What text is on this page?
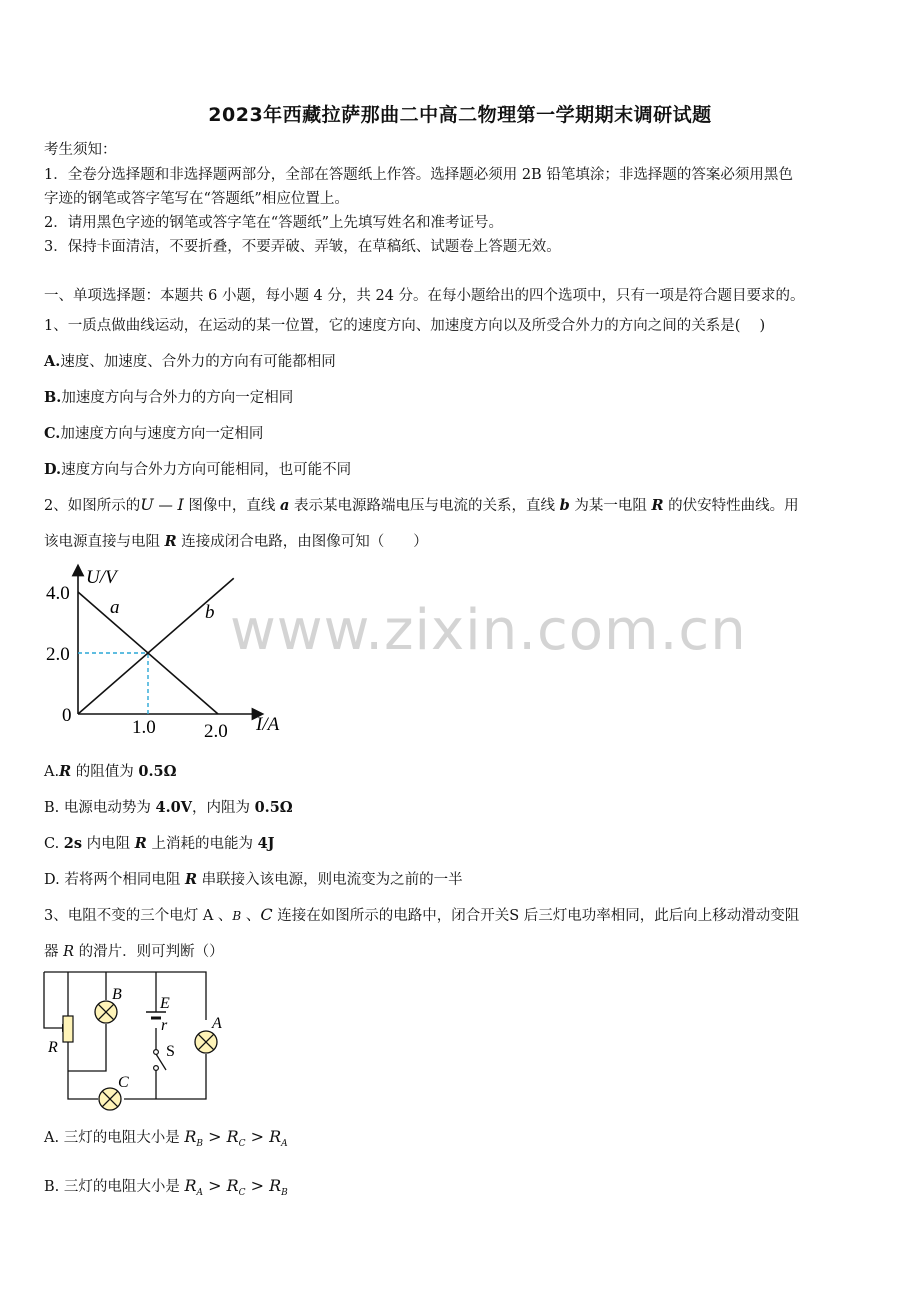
2023年西藏拉萨那曲二中高二物理第一学期期末调研试题
考生须知：
1．全卷分选择题和非选择题两部分，全部在答题纸上作答。选择题必须用 2B 铅笔填涂；非选择题的答案必须用黑色
字迹的钢笔或答字笔写在“答题纸”相应位置上。
2．请用黑色字迹的钢笔或答字笔在“答题纸”上先填写姓名和准考证号。
3．保持卡面清洁，不要折叠，不要弄破、弄皱，在草稿纸、试题卷上答题无效。
一、单项选择题：本题共 6 小题，每小题 4 分，共 24 分。在每小题给出的四个选项中，只有一项是符合题目要求的。
1、一质点做曲线运动，在运动的某一位置，它的速度方向、加速度方向以及所受合外力的方向之间的关系是(　 )
A.速度、加速度、合外力的方向有可能都相同
B.加速度方向与合外力的方向一定相同
C.加速度方向与速度方向一定相同
D.速度方向与合外力方向可能相同，也可能不同
2、如图所示的U — I 图像中，直线 a 表示某电源路端电压与电流的关系，直线 b 为某一电阻 R 的伏安特性曲线。用
该电源直接与电阻 R 连接成闭合电路，由图像可知（　　）
U/V
I/A
4.0
2.0
0
1.0	2.0
a	b www.zixin.com.cn
A.R 的阻值为 0.5Ω
B. 电源电动势为 4.0V，内阻为 0.5Ω
C. 2s 内电阻 R 上消耗的电能为 4J
D. 若将两个相同电阻 R 串联接入该电源，则电流变为之前的一半
3、电阻不变的三个电灯 A 、B 、C 连接在如图所示的电路中，闭合开关S 后三灯电功率相同，此后向上移动滑动变阻
器 R 的滑片．则可判断（）
B
E
r	A
R	S
C
A. 三灯的电阻大小是 $R_B > R_C > R_A$
B. 三灯的电阻大小是 $R_A > R_C > R_B$
